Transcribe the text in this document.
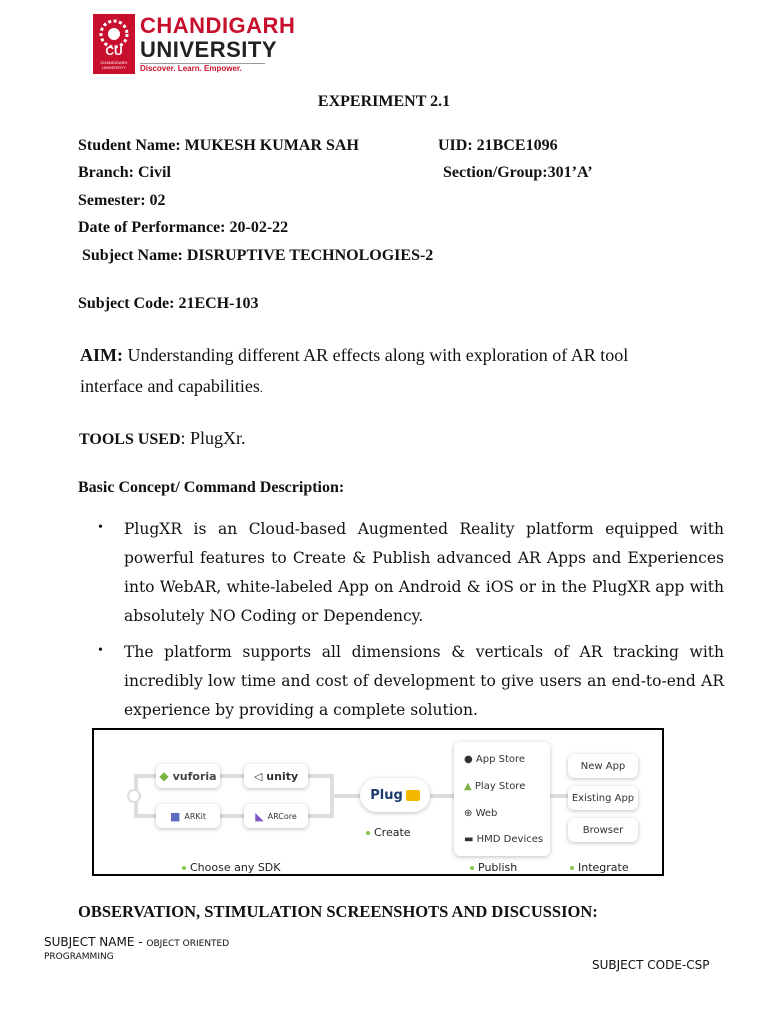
CU
CHANDIGARH UNIVERSITY
CHANDIGARH
UNIVERSITY
Discover. Learn. Empower.
EXPERIMENT 2.1
Student Name: MUKESH KUMAR SAH	UID: 21BCE1096
Branch: Civil	Section/Group:301’A’
Semester: 02
Date of Performance: 20-02-22
Subject Name: DISRUPTIVE TECHNOLOGIES-2
Subject Code: 21ECH-103
AIM: Understanding different AR effects along with exploration of AR tool
interface and capabilities.
TOOLS USED: PlugXr.
Basic Concept/ Command Description:
• PlugXR is an Cloud-based Augmented Reality platform equipped with
powerful features to Create & Publish advanced AR Apps and Experiences
into WebAR, white-labeled App on Android & iOS or in the PlugXR app with
absolutely NO Coding or Dependency.
• The platform supports all dimensions & verticals of AR tracking with
incredibly low time and cost of development to give users an end-to-end AR
experience by providing a complete solution.
◆ vuforia	◁ unity
■ ARKit	◣ ARCore
Plug
● App Store
▲ Play Store
⊕ Web
▬ HMD Devices
New App
Existing App
Browser
Choose any SDK
Create
Publish	Integrate
OBSERVATION, STIMULATION SCREENSHOTS AND DISCUSSION:
SUBJECT NAME - OBJECT ORIENTED
PROGRAMMING
SUBJECT CODE-CSP
